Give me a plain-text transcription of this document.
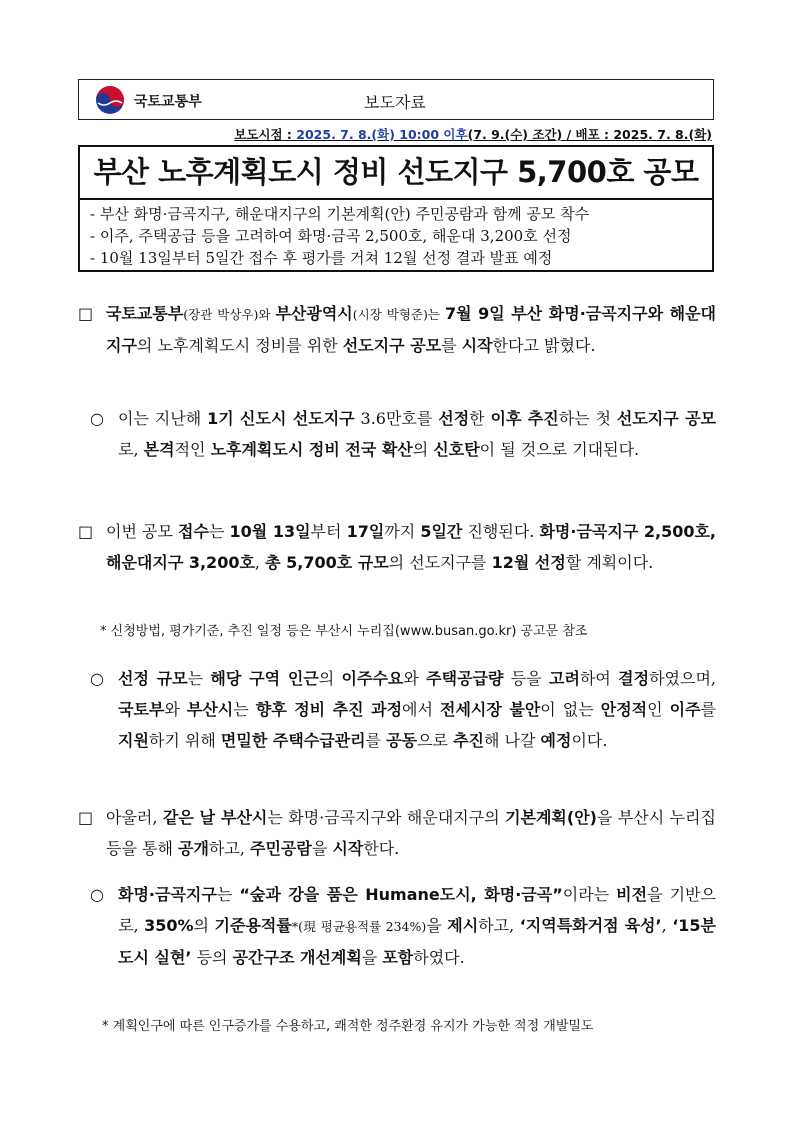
국토교통부	보도자료
보도시점 : 2025. 7. 8.(화) 10:00 이후(7. 9.(수) 조간) / 배포 : 2025. 7. 8.(화)
부산 노후계획도시 정비 선도지구 5,700호 공모
- 부산 화명·금곡지구, 해운대지구의 기본계획(안) 주민공람과 함께 공모 착수
- 이주, 주택공급 등을 고려하여 화명·금곡 2,500호, 해운대 3,200호 선정
- 10월 13일부터 5일간 접수 후 평가를 거쳐 12월 선정 결과 발표 예정
□ 국토교통부(장관 박상우)와 부산광역시(시장 박형준)는 7월 9일 부산 화명·금곡지구와 해운대지구의 노후계획도시 정비를 위한 선도지구 공모를 시작한다고 밝혔다.
○ 이는 지난해 1기 신도시 선도지구 3.6만호를 선정한 이후 추진하는 첫 선도지구 공모로, 본격적인 노후계획도시 정비 전국 확산의 신호탄이 될 것으로 기대된다.
□ 이번 공모 접수는 10월 13일부터 17일까지 5일간 진행된다. 화명·금곡지구 2,500호, 해운대지구 3,200호, 총 5,700호 규모의 선도지구를 12월 선정할 계획이다.
* 신청방법, 평가기준, 추진 일정 등은 부산시 누리집(www.busan.go.kr) 공고문 참조
○ 선정 규모는 해당 구역 인근의 이주수요와 주택공급량 등을 고려하여 결정하였으며, 국토부와 부산시는 향후 정비 추진 과정에서 전세시장 불안이 없는 안정적인 이주를 지원하기 위해 면밀한 주택수급관리를 공동으로 추진해 나갈 예정이다.
□ 아울러, 같은 날 부산시는 화명·금곡지구와 해운대지구의 기본계획(안)을 부산시 누리집 등을 통해 공개하고, 주민공람을 시작한다.
○ 화명·금곡지구는 “숲과 강을 품은 Humane도시, 화명·금곡”이라는 비전을 기반으로, 350%의 기준용적률*(現 평균용적률 234%)을 제시하고, ‘지역특화거점 육성’, ‘15분 도시 실현’ 등의 공간구조 개선계획을 포함하였다.
* 계획인구에 따른 인구증가를 수용하고, 쾌적한 정주환경 유지가 가능한 적정 개발밀도
